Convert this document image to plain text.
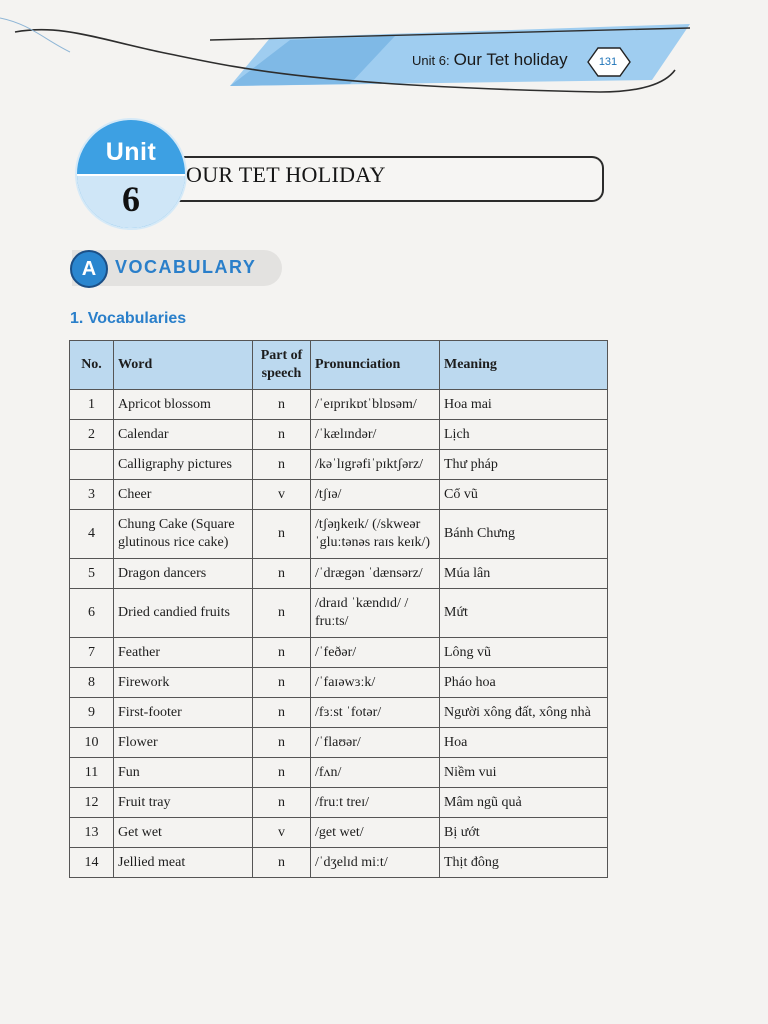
Unit 6: Our Tet holiday	131
Unit
6
OUR TET HOLIDAY
A VOCABULARY
1. Vocabularies
No.	Word	Part of speech	Pronunciation	Meaning
1	Apricot blossom	n	/ˈeɪprɪkɒtˈblɒsəm/	Hoa mai
2	Calendar	n	/ˈkælɪndər/	Lịch
	Calligraphy pictures	n	/kəˈlɪgrəfiˈpɪktʃərz/	Thư pháp
3	Cheer	v	/tʃɪə/	Cổ vũ
4	Chung Cake (Square glutinous rice cake)	n	/tʃəŋkeɪk/ (/skweər ˈgluːtənəs raɪs keɪk/)	Bánh Chưng
5	Dragon dancers	n	/ˈdrægən ˈdænsərz/	Múa lân
6	Dried candied fruits	n	/draɪd ˈkændɪd/ / fruːts/	Mứt
7	Feather	n	/ˈfeðər/	Lông vũ
8	Firework	n	/ˈfaɪəwɜːk/	Pháo hoa
9	First-footer	n	/fɜːst ˈfotər/	Người xông đất, xông nhà
10	Flower	n	/ˈflaʊər/	Hoa
11	Fun	n	/fʌn/	Niềm vui
12	Fruit tray	n	/fruːt treɪ/	Mâm ngũ quả
13	Get wet	v	/get wet/	Bị ướt
14	Jellied meat	n	/ˈdʒelɪd miːt/	Thịt đông
